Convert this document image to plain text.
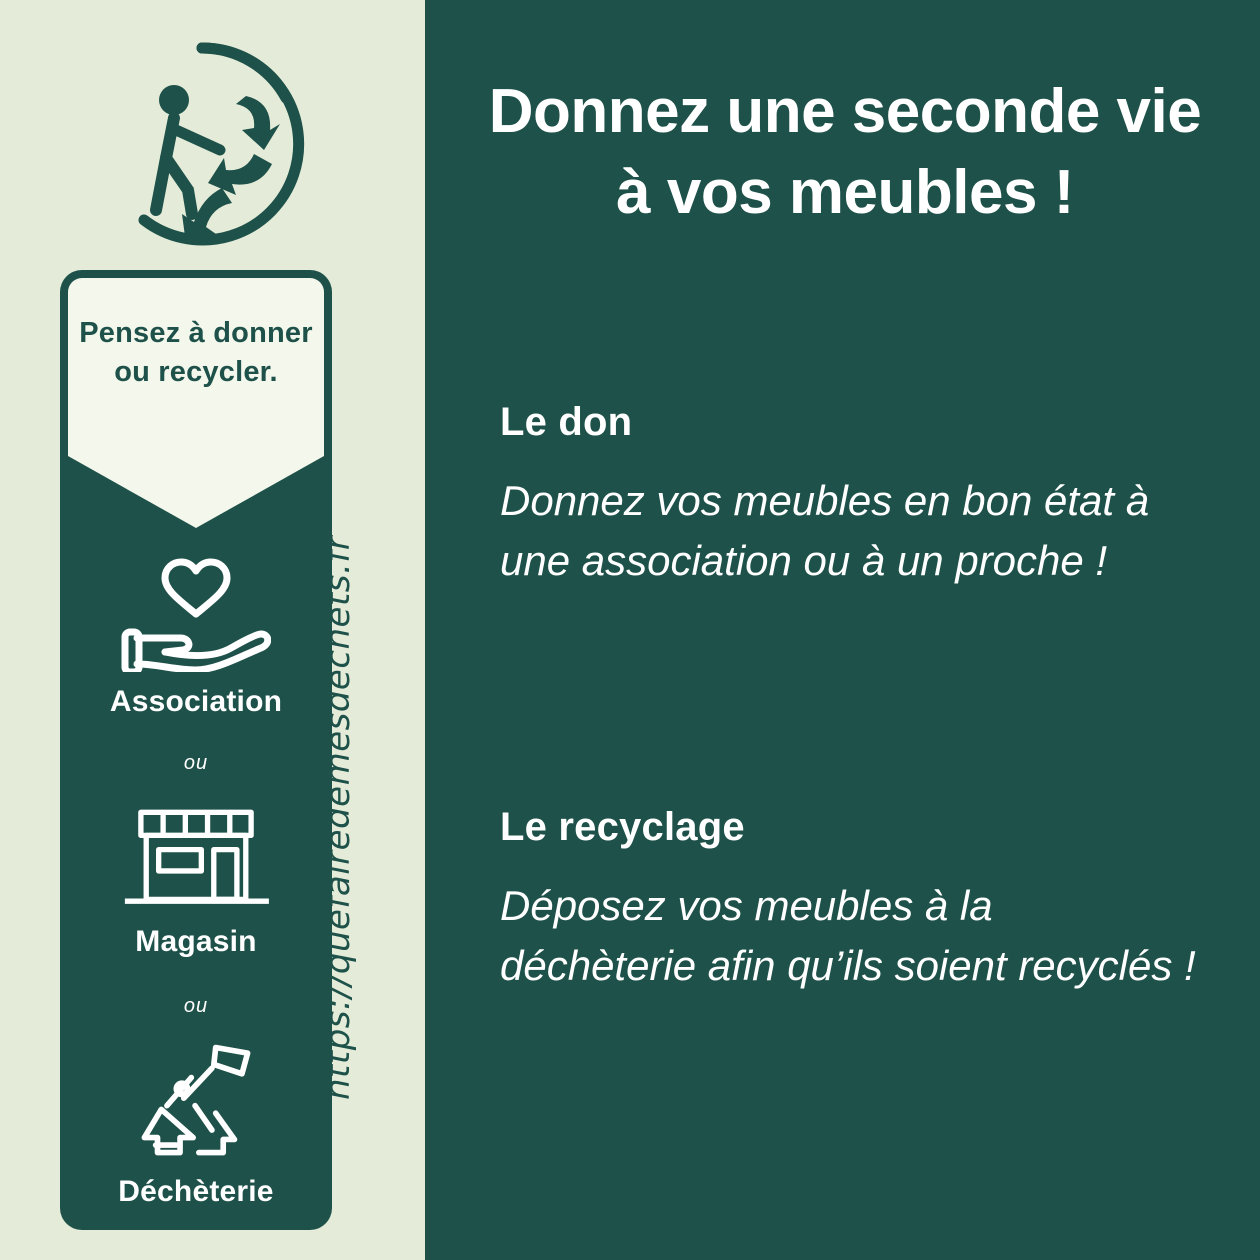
Pensez à donner ou recycler.
Association
ou
Magasin
ou
Déchèterie
https://quefairedemesdechets.fr
Donnez une seconde vie
à vos meubles !

Le don

Donnez vos meubles en bon état à une association ou à un proche !

Le recyclage

Déposez vos meubles à la déchèterie afin qu’ils soient recyclés !
